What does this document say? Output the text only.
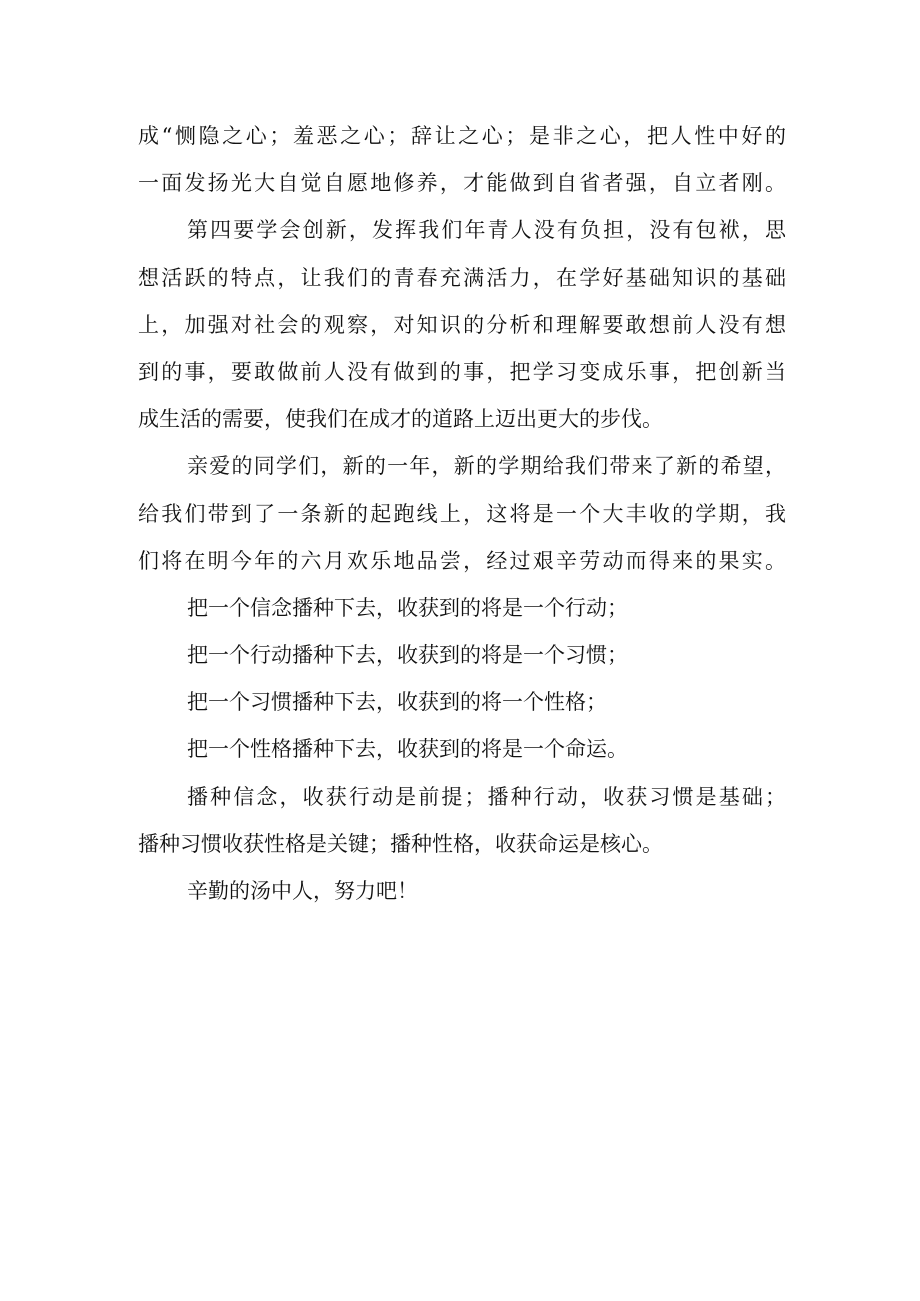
成“恻隐之心；羞恶之心；辞让之心；是非之心，把人性中好的
一面发扬光大自觉自愿地修养，才能做到自省者强，自立者刚。
第四要学会创新，发挥我们年青人没有负担，没有包袱，思
想活跃的特点，让我们的青春充满活力，在学好基础知识的基础
上，加强对社会的观察，对知识的分析和理解要敢想前人没有想
到的事，要敢做前人没有做到的事，把学习变成乐事，把创新当
成生活的需要，使我们在成才的道路上迈出更大的步伐。
亲爱的同学们，新的一年，新的学期给我们带来了新的希望，
给我们带到了一条新的起跑线上，这将是一个大丰收的学期，我
们将在明今年的六月欢乐地品尝，经过艰辛劳动而得来的果实。
把一个信念播种下去，收获到的将是一个行动；
把一个行动播种下去，收获到的将是一个习惯；
把一个习惯播种下去，收获到的将一个性格；
把一个性格播种下去，收获到的将是一个命运。
播种信念，收获行动是前提；播种行动，收获习惯是基础；
播种习惯收获性格是关键；播种性格，收获命运是核心。
辛勤的汤中人，努力吧！
